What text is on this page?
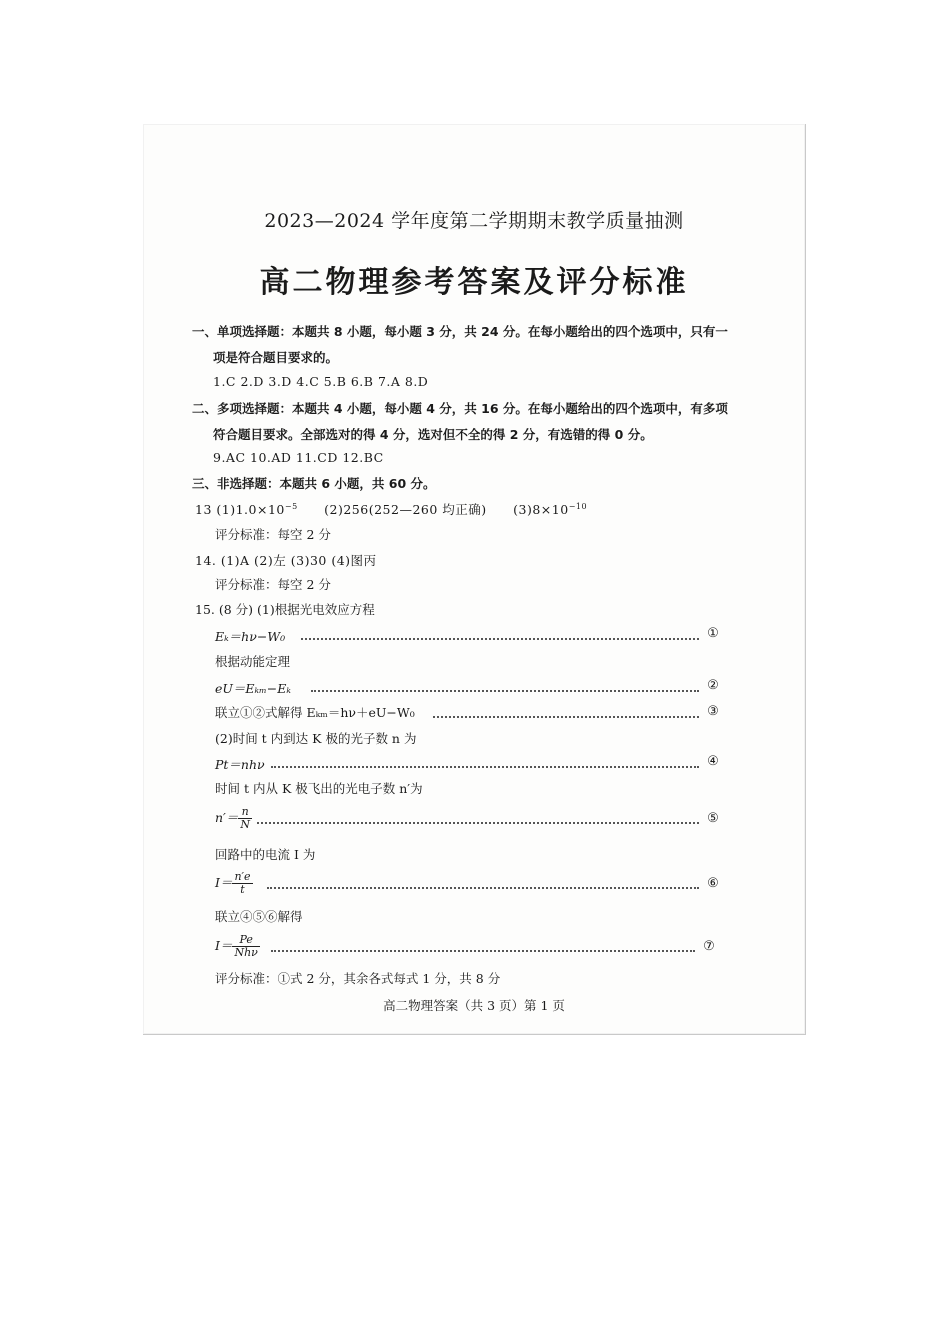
2023—2024 学年度第二学期期末教学质量抽测
高二物理参考答案及评分标准
一、单项选择题：本题共 8 小题，每小题 3 分，共 24 分。在每小题给出的四个选项中，只有一
项是符合题目要求的。
1.C 2.D 3.D 4.C 5.B 6.B 7.A 8.D
二、多项选择题：本题共 4 小题，每小题 4 分，共 16 分。在每小题给出的四个选项中，有多项
符合题目要求。全部选对的得 4 分，选对但不全的得 2 分，有选错的得 0 分。
9.AC 10.AD 11.CD 12.BC
三、非选择题：本题共 6 小题，共 60 分。
13 $(1)1.0\times 10^{-5}$ (2)256(252—260 均正确) $(3)8\times 10^{-10}$
评分标准：每空 2 分
14. (1)A (2)左 (3)30 (4)图丙
评分标准：每空 2 分
15. (8 分) (1)根据光电效应方程
Eₖ＝hν−W₀	①
根据动能定理
eU＝Eₖₘ−Eₖ	②
联立①②式解得 Eₖₘ＝hν＋eU−W₀	③
(2)时间 t 内到达 K 极的光子数 n 为
Pt＝nhν	④
时间 t 内从 K 极飞出的光电子数 n′为
$n'= \frac{n}{N}$	⑤
回路中的电流 I 为
$I= \frac{n'e}{t}$	⑥
联立④⑤⑥解得
$I= \frac{Pe}{\text{Nhν}}$	⑦
评分标准：①式 2 分，其余各式每式 1 分，共 8 分
高二物理答案（共 3 页）第 1 页
